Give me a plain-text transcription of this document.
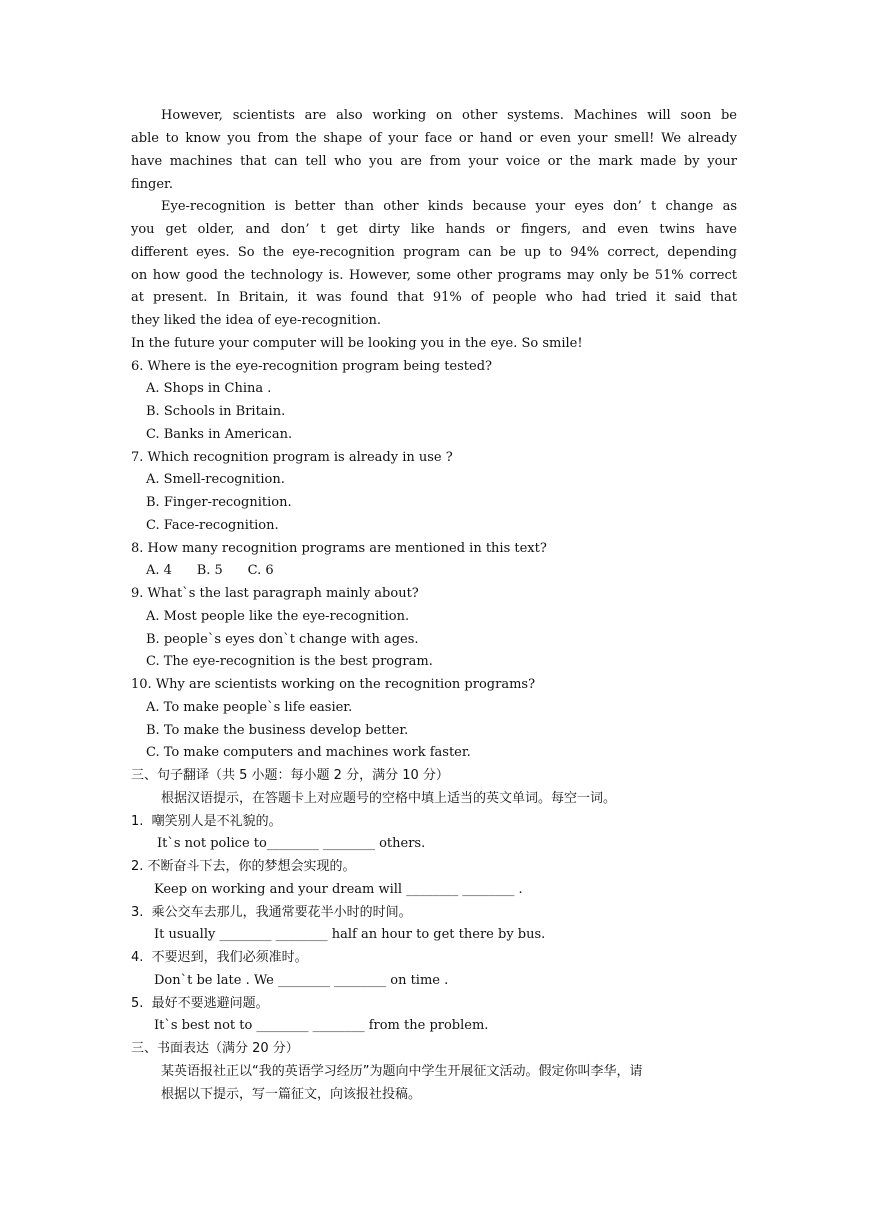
However, scientists are also working on other systems. Machines will soon be
able to know you from the shape of your face or hand or even your smell! We already
have machines that can tell who you are from your voice or the mark made by your
finger.
Eye-recognition is better than other kinds because your eyes don’ t change as
you get older, and don’ t get dirty like hands or fingers, and even twins have
different eyes. So the eye-recognition program can be up to 94% correct, depending
on how good the technology is. However, some other programs may only be 51% correct
at present. In Britain, it was found that 91% of people who had tried it said that
they liked the idea of eye-recognition.
In the future your computer will be looking you in the eye. So smile!
6. Where is the eye-recognition program being tested?
A. Shops in China .
B. Schools in Britain.
C. Banks in American.
7. Which recognition program is already in use ?
A. Smell-recognition.
B. Finger-recognition.
C. Face-recognition.
8. How many recognition programs are mentioned in this text?
A. 4      B. 5      C. 6
9. What`s the last paragraph mainly about?
A. Most people like the eye-recognition.
B. people`s eyes don`t change with ages.
C. The eye-recognition is the best program.
10. Why are scientists working on the recognition programs?
A. To make people`s life easier.
B. To make the business develop better.
C. To make computers and machines work faster.
三、句子翻译（共 5 小题：每小题 2 分，满分 10 分）
根据汉语提示，在答题卡上对应题号的空格中填上适当的英文单词。每空一词。
1.  嘲笑别人是不礼貌的。
It`s not police to________ ________ others.
2. 不断奋斗下去，你的梦想会实现的。
Keep on working and your dream will ________ ________ .
3.  乘公交车去那儿，我通常要花半小时的时间。
It usually ________ ________ half an hour to get there by bus.
4.  不要迟到，我们必须准时。
Don`t be late . We ________ ________ on time .
5.  最好不要逃避问题。
It`s best not to ________ ________ from the problem.
三、书面表达（满分 20 分）
某英语报社正以“我的英语学习经历”为题向中学生开展征文活动。假定你叫李华，请
根据以下提示，写一篇征文，向该报社投稿。
